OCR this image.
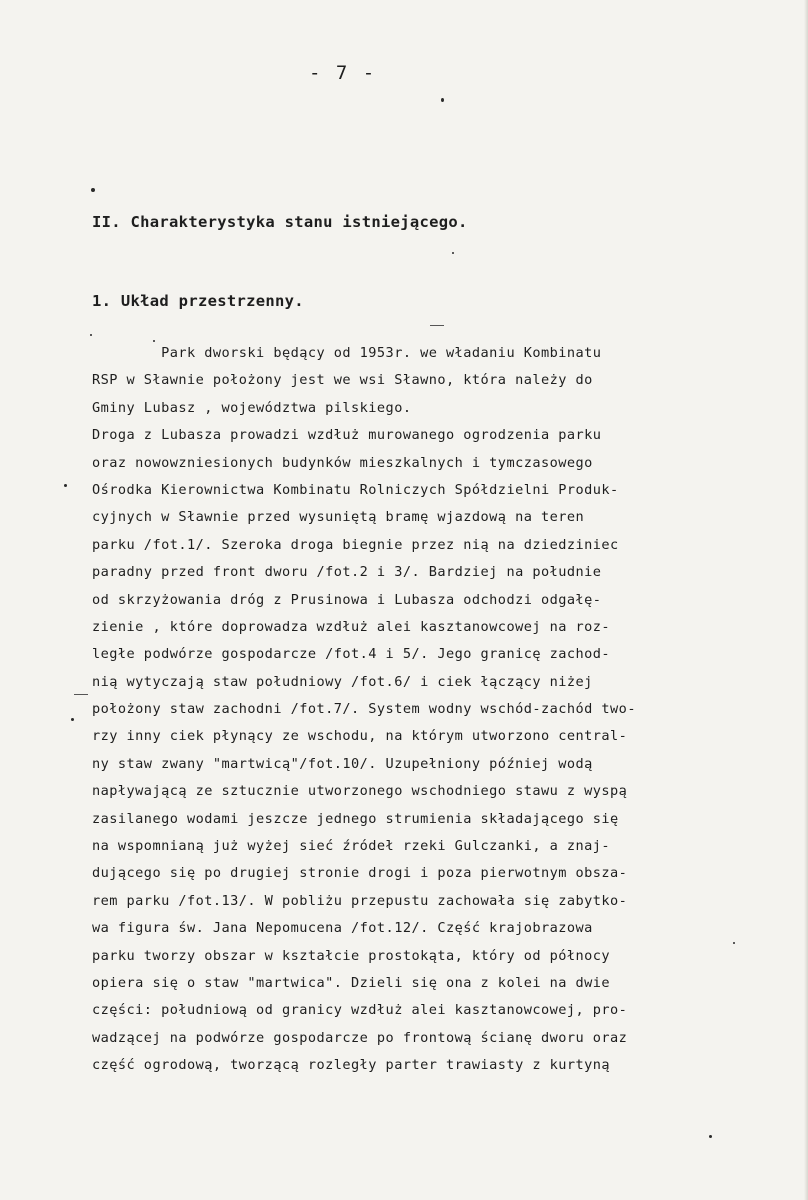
- 7 -
II. Charakterystyka stanu istniejącego.
1. Układ przestrzenny.
Park dworski będący od 1953r. we władaniu Kombinatu
RSP w Sławnie położony jest we wsi Sławno, która należy do
Gminy Lubasz , województwa pilskiego.
Droga z Lubasza prowadzi wzdłuż murowanego ogrodzenia parku
oraz nowowzniesionych budynków mieszkalnych i tymczasowego
Ośrodka Kierownictwa Kombinatu Rolniczych Spółdzielni Produk-
cyjnych w Sławnie przed wysuniętą bramę wjazdową na teren
parku /fot.1/. Szeroka droga biegnie przez nią na dziedziniec
paradny przed front dworu /fot.2 i 3/. Bardziej na południe
od skrzyżowania dróg z Prusinowa i Lubasza odchodzi odgałę-
zienie , które doprowadza wzdłuż alei kasztanowcowej na roz-
ległe podwórze gospodarcze /fot.4 i 5/. Jego granicę zachod-
nią wytyczają staw południowy /fot.6/ i ciek łączący niżej
położony staw zachodni /fot.7/. System wodny wschód-zachód two-
rzy inny ciek płynący ze wschodu, na którym utworzono central-
ny staw zwany "martwicą"/fot.10/. Uzupełniony później wodą
napływającą ze sztucznie utworzonego wschodniego stawu z wyspą
zasilanego wodami jeszcze jednego strumienia składającego się
na wspomnianą już wyżej sieć źródeł rzeki Gulczanki, a znaj-
dującego się po drugiej stronie drogi i poza pierwotnym obsza-
rem parku /fot.13/. W pobliżu przepustu zachowała się zabytko-
wa figura św. Jana Nepomucena /fot.12/. Część krajobrazowa
parku tworzy obszar w kształcie prostokąta, który od północy
opiera się o staw "martwica". Dzieli się ona z kolei na dwie
części: południową od granicy wzdłuż alei kasztanowcowej, pro-
wadzącej na podwórze gospodarcze po frontową ścianę dworu oraz
część ogrodową, tworzącą rozległy parter trawiasty z kurtyną
